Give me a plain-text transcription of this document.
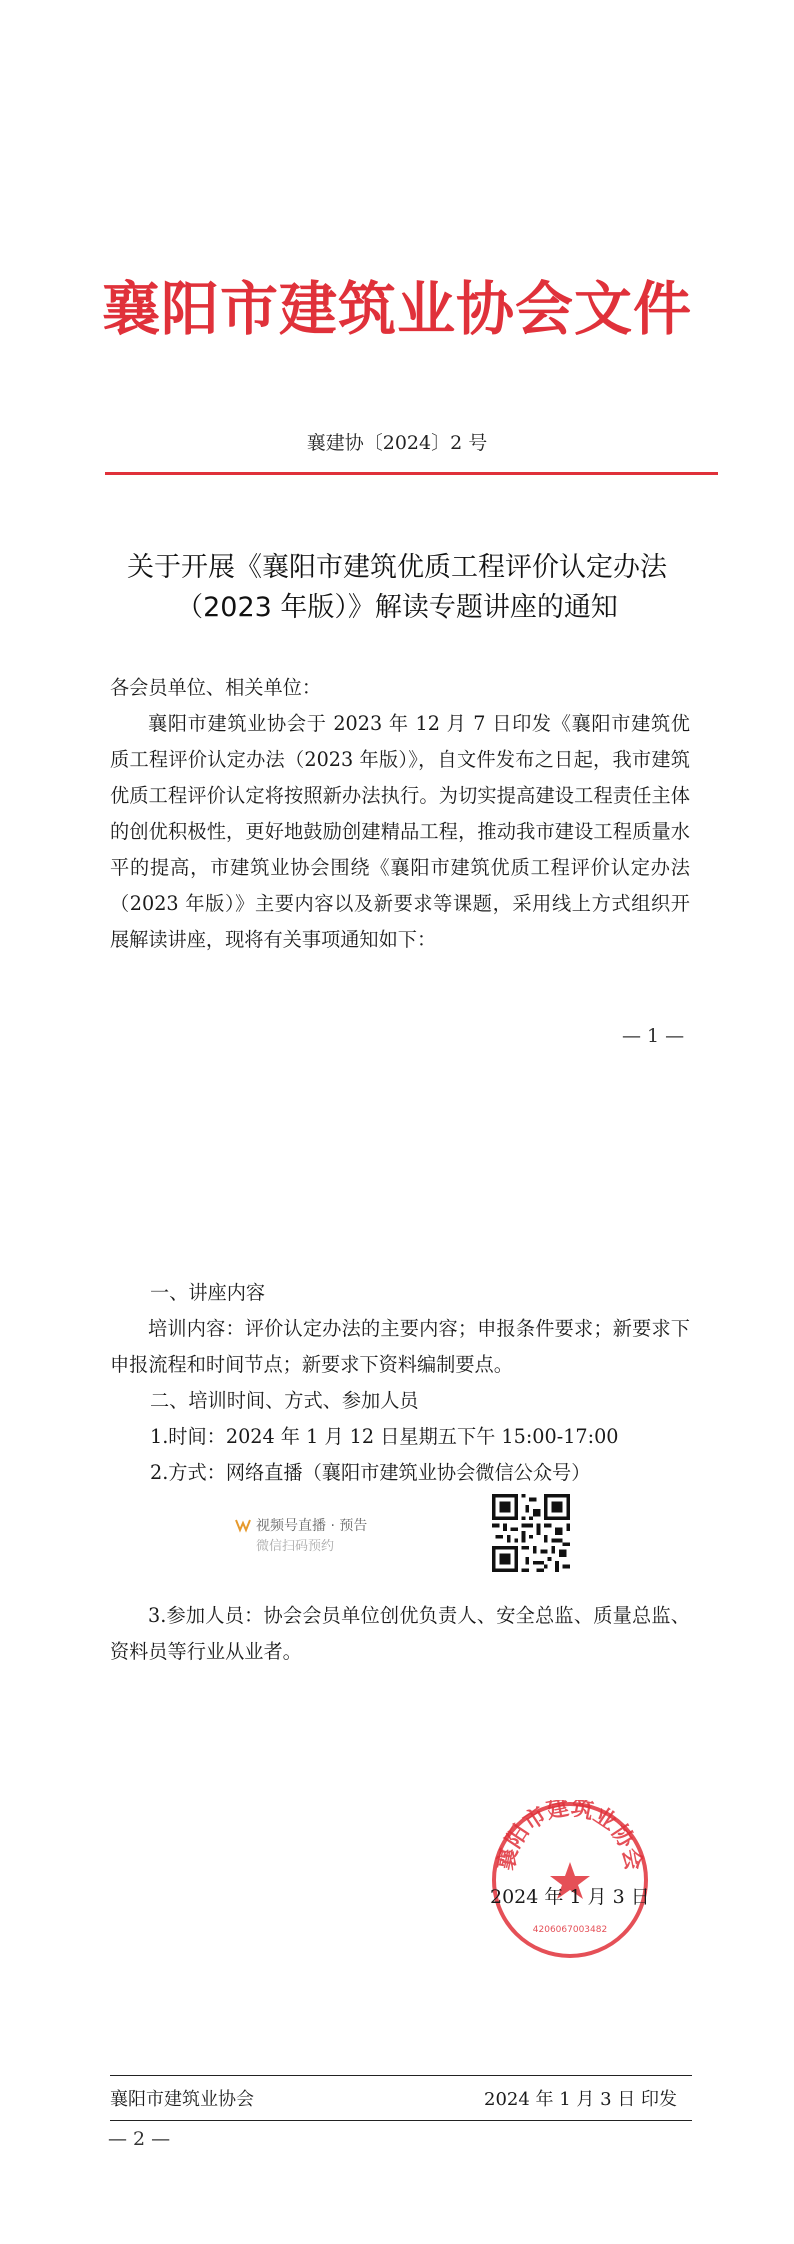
襄阳市建筑业协会文件
襄建协〔2024〕2 号
关于开展《襄阳市建筑优质工程评价认定办法
（2023 年版）》解读专题讲座的通知
各会员单位、相关单位：
襄阳市建筑业协会于 2023 年 12 月 7 日印发《襄阳市建筑优质工程评价认定办法（2023 年版）》，自文件发布之日起，我市建筑优质工程评价认定将按照新办法执行。为切实提高建设工程责任主体的创优积极性，更好地鼓励创建精品工程，推动我市建设工程质量水平的提高，市建筑业协会围绕《襄阳市建筑优质工程评价认定办法（2023 年版）》主要内容以及新要求等课题，采用线上方式组织开展解读讲座，现将有关事项通知如下：
— 1 —
一、讲座内容
培训内容：评价认定办法的主要内容；申报条件要求；新要求下申报流程和时间节点；新要求下资料编制要点。
二、培训时间、方式、参加人员
1.时间：2024 年 1 月 12 日星期五下午 15:00-17:00
2.方式：网络直播（襄阳市建筑业协会微信公众号）
视频号直播 · 预告
微信扫码预约
3.参加人员：协会会员单位创优负责人、安全总监、质量总监、资料员等行业从业者。
襄阳市建筑业协会
4206067003482
2024 年 1 月 3 日
襄阳市建筑业协会	2024 年 1 月 3 日 印发
— 2 —
